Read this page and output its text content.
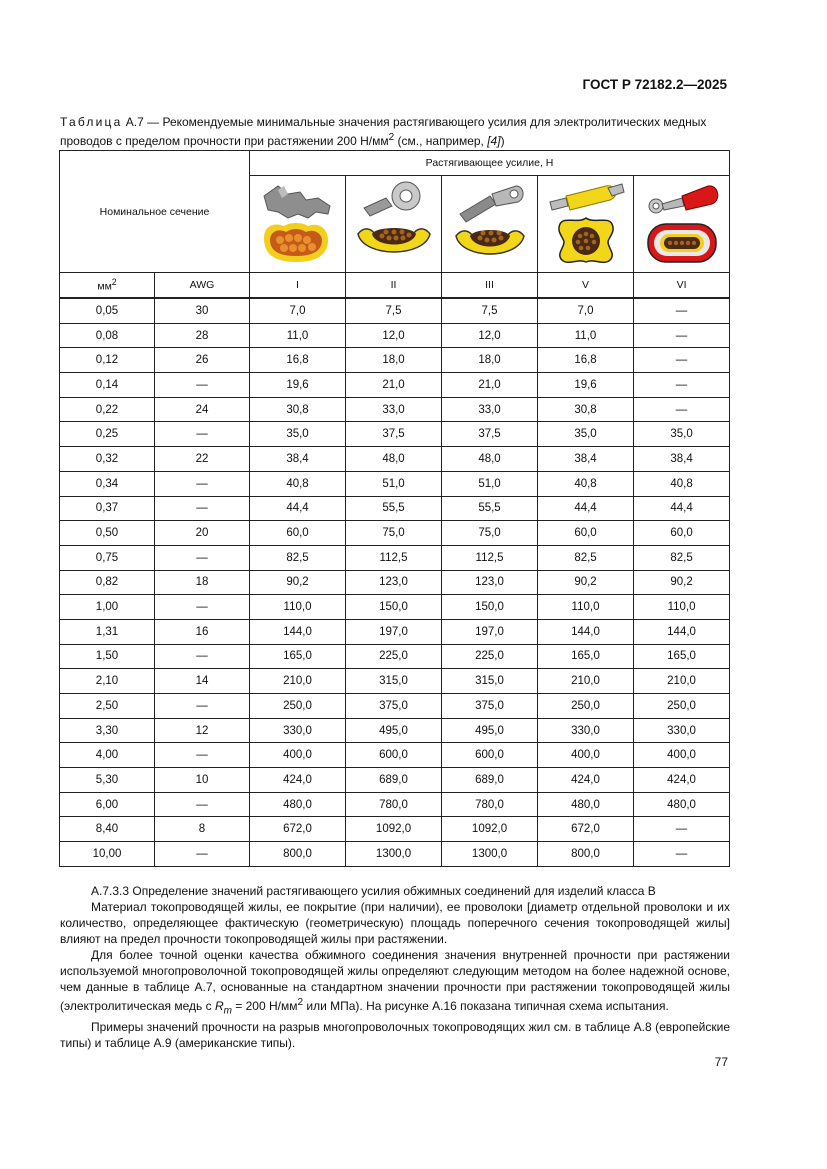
ГОСТ Р 72182.2—2025
Таблица А.7 — Рекомендуемые минимальные значения растягивающего усилия для электролитических медных проводов с пределом прочности при растяжении 200 $Н/мм^2$ (см., например, [4])
Номинальное сечение		Растягивающее усилие, Н				

$мм^2$	AWG	I	II	III	V	VI
0,05	30	7,0	7,5	7,5	7,0	—
0,08	28	11,0	12,0	12,0	11,0	—
0,12	26	16,8	18,0	18,0	16,8	—
0,14	—	19,6	21,0	21,0	19,6	—
0,22	24	30,8	33,0	33,0	30,8	—
0,25	—	35,0	37,5	37,5	35,0	35,0
0,32	22	38,4	48,0	48,0	38,4	38,4
0,34	—	40,8	51,0	51,0	40,8	40,8
0,37	—	44,4	55,5	55,5	44,4	44,4
0,50	20	60,0	75,0	75,0	60,0	60,0
0,75	—	82,5	112,5	112,5	82,5	82,5
0,82	18	90,2	123,0	123,0	90,2	90,2
1,00	—	110,0	150,0	150,0	110,0	110,0
1,31	16	144,0	197,0	197,0	144,0	144,0
1,50	—	165,0	225,0	225,0	165,0	165,0
2,10	14	210,0	315,0	315,0	210,0	210,0
2,50	—	250,0	375,0	375,0	250,0	250,0
3,30	12	330,0	495,0	495,0	330,0	330,0
4,00	—	400,0	600,0	600,0	400,0	400,0
5,30	10	424,0	689,0	689,0	424,0	424,0
6,00	—	480,0	780,0	780,0	480,0	480,0
8,40	8	672,0	1092,0	1092,0	672,0	—
10,00	—	800,0	1300,0	1300,0	800,0	—

А.7.3.3 Определение значений растягивающего усилия обжимных соединений для изделий класса В

Материал токопроводящей жилы, ее покрытие (при наличии), ее проволоки [диаметр отдельной проволоки и их количество, определяющее фактическую (геометрическую) площадь поперечного сечения токопроводящей жилы] влияют на предел прочности токопроводящей жилы при растяжении.

Для более точной оценки качества обжимного соединения значения внутренней прочности при растяжении используемой многопроволочной токопроводящей жилы определяют следующим методом на более надежной основе, чем данные в таблице А.7, основанные на стандартном значении прочности при растяжении токопроводящей жилы (электролитическая медь с $R_m = 200$ $Н/мм^2$ или МПа). На рисунке А.16 показана типичная схема испытания.

Примеры значений прочности на разрыв многопроволочных токопроводящих жил см. в таблице А.8 (европейские типы) и таблице А.9 (американские типы).

77
